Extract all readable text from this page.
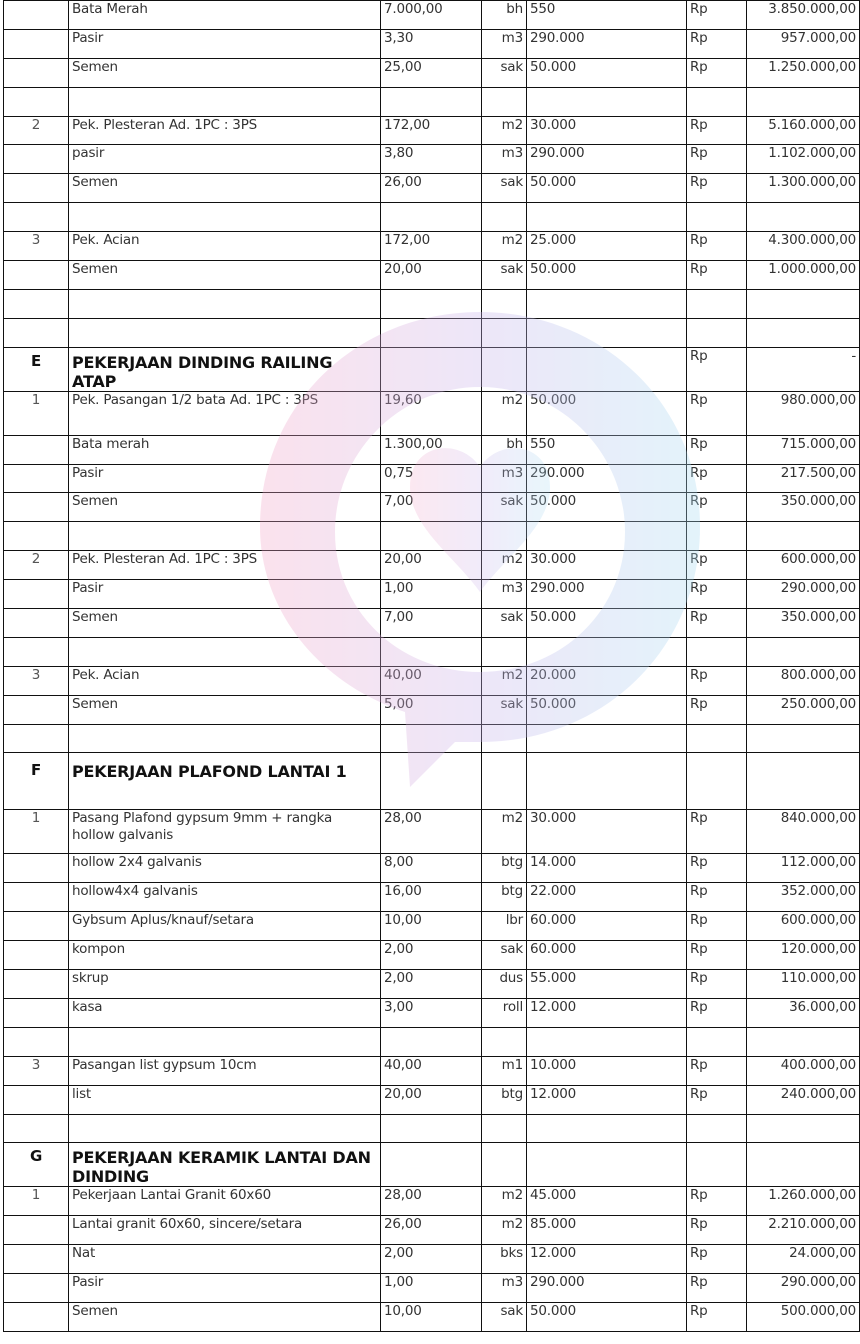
	Bata Merah	7.000,00	bh	550	Rp	3.850.000,00
	Pasir	3,30	m3	290.000	Rp	957.000,00
	Semen	25,00	sak	50.000	Rp	1.250.000,00

2	Pek. Plesteran Ad. 1PC : 3PS	172,00	m2	30.000	Rp	5.160.000,00
	pasir	3,80	m3	290.000	Rp	1.102.000,00
	Semen	26,00	sak	50.000	Rp	1.300.000,00

3	Pek. Acian	172,00	m2	25.000	Rp	4.300.000,00
	Semen	20,00	sak	50.000	Rp	1.000.000,00

E	PEKERJAAN DINDING RAILING ATAP				Rp	-
1	Pek. Pasangan 1/2 bata Ad. 1PC : 3PS	19,60	m2	50.000	Rp	980.000,00
	Bata merah	1.300,00	bh	550	Rp	715.000,00
	Pasir	0,75	m3	290.000	Rp	217.500,00
	Semen	7,00	sak	50.000	Rp	350.000,00

2	Pek. Plesteran Ad. 1PC : 3PS	20,00	m2	30.000	Rp	600.000,00
	Pasir	1,00	m3	290.000	Rp	290.000,00
	Semen	7,00	sak	50.000	Rp	350.000,00

3	Pek. Acian	40,00	m2	20.000	Rp	800.000,00
	Semen	5,00	sak	50.000	Rp	250.000,00

F	PEKERJAAN PLAFOND LANTAI 1					
1	Pasang Plafond gypsum 9mm + rangka hollow galvanis	28,00	m2	30.000	Rp	840.000,00
	hollow 2x4 galvanis	8,00	btg	14.000	Rp	112.000,00
	hollow4x4 galvanis	16,00	btg	22.000	Rp	352.000,00
	Gybsum Aplus/knauf/setara	10,00	lbr	60.000	Rp	600.000,00
	kompon	2,00	sak	60.000	Rp	120.000,00
	skrup	2,00	dus	55.000	Rp	110.000,00
	kasa	3,00	roll	12.000	Rp	36.000,00

3	Pasangan list gypsum 10cm	40,00	m1	10.000	Rp	400.000,00
	list	20,00	btg	12.000	Rp	240.000,00

G	PEKERJAAN KERAMIK LANTAI DAN DINDING					
1	Pekerjaan Lantai Granit 60x60	28,00	m2	45.000	Rp	1.260.000,00
	Lantai granit 60x60, sincere/setara	26,00	m2	85.000	Rp	2.210.000,00
	Nat	2,00	bks	12.000	Rp	24.000,00
	Pasir	1,00	m3	290.000	Rp	290.000,00
	Semen	10,00	sak	50.000	Rp	500.000,00
